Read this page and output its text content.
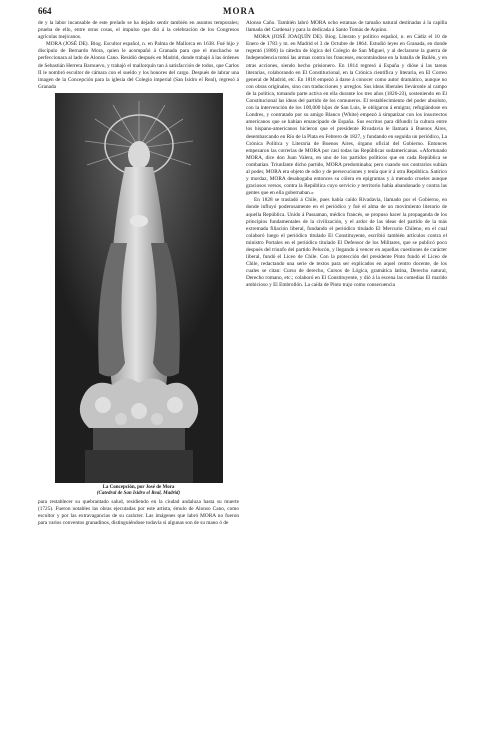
664	MORA

de y la labor incansable de este prelado se ha dejado sentir también en asuntos temporales; prueba de ello, entre otras cosas, el impulso que dió á la celebración de los Congresos agrícolas mejicanos.

MORA (JOSÉ DE). Biog. Escultor español, n. en Palma de Mallorca en 1638. Fué hijo y discípulo de Bernardo Mora, quien le acompañó á Granada para que el muchacho se perfeccionara al lado de Alonso Cano. Residió después en Madrid, donde trabajó á las órdenes de Sebastián Herrera Barnuevo, y trabajó el mallorquín tan á satisfacción de todos, que Carlos II le nombró escultor de cámara con el sueldo y los honores del cargo. Después de labrar una imagen de la Concepción para la iglesia del Colegio imperial (San Isidro el Real), regresó á Granada

La Concepción, por José de Mora
(Catedral de San Isidro el Real, Madrid)

para restablecer su quebrantado salud, residiendo en la ciudad andaluza hasta su muerte (1725). Fueron notables las obras ejecutadas por este artista, émulo de Alonso Cano, como escultor y por las extravagancias de su carácter. Las imágenes que labró MORA no fueron para varios conventos granadinos, distinguiéndose todavía si algunas son de su mano ó de

Alonso Caño. También labró MORA ocho estatuas de tamaño natural destinadas á la capilla llamada del Cardenal y para la dedicada á Santo Tomás de Aquino.

MORA (JOSÉ JOAQUÍN DE). Biog. Literato y político español, n. en Cádiz el 10 de Enero de 1783 y m. en Madrid el 3 de Octubre de 1864. Estudió leyes en Granada, en donde regentó (1806) la cátedra de lógica del Colegio de San Miguel, y al declararse la guerra de Independencia tomó las armas contra los franceses, encontrándose en la batalla de Bailén, y en otras acciones, siendo hecho prisionero. En 1814 regresó á España y dióse á las tareas literarias, colaborando en El Constitucional, en la Crónica científica y literaria, en El Correo general de Madrid, etc. En 1818 empezó á darse á conocer como autor dramático, aunque no con obras originales, sino con traducciones y arreglos. Sus ideas liberales lleváronle al campo de la política, tomando parte activa en ella durante los tres años (1820-23), sosteniendo en El Constitucional las ideas del partido de los comuneros. El restablecimiento del poder absoluto, con la intervención de los 100,000 hijos de San Luis, le obligaron á emigrar, refugiándose en Londres, y contratado por su amigo Blanco (White) empezó á simpatizar con los insurrectos americanos que se habían emancipado de España. Sus escritos para difundir la cultura entre los hispano-americanos hicieron que el presidente Rivadavia le llamara á Buenos Aires, desembarcando en Río de la Plata en Febrero de 1827, y fundando en seguida un periódico, La Crónica Política y Literaria de Buenos Aires, órgano oficial del Gobierno. Entonces empezaron las correrías de MORA por casi todas las Repúblicas sudamericanas. «Afortunado MORA, dice don Juan Valera, en uno de los partidos políticos que en cada República se combatían. Triunfante dicho partido, MORA predominaba; pero cuando sus contrarios subían al poder, MORA era objeto de odio y de persecuciones y tenía que ir á otra República. Satírico y mordaz, MORA desahogaba entonces su cólera en epigramas y á menudo crueles aunque graciosos versos, contra la República cuyo servicio y territorio había abandonado y contra las gentes que en ella gobernaban.»

En 1828 se trasladó á Chile, pues había caído Rivadavia, llamado por el Gobierno, en donde influyó poderosamente en el periódico y fué el alma de un movimiento literario de aquella República. Unido á Passaman, médico francés, se propuso hacer la propaganda de los principios fundamentales de la civilización, y el ardor de las ideas del partido de la más extremada filiación liberal, fundando el periódico titulado El Mercurio Chileno, en el cual colaboró luego el periódico titulado El Constituyente, escribió también artículos contra el ministro Portales en el periódico titulado El Defensor de los Militares, que se publicó poco después del triunfo del partido Pelucón, y llegando á vencer en aquellas cuestiones de carácter liberal, fundó el Liceo de Chile. Con la protección del presidente Pinto fundó el Liceo de Chile, redactando una serie de textos para ser explicados en aquel centro docente, de los cuales se citan: Curso de derecho, Cursos de Lógica, gramática latina, Derecho natural, Derecho romano, etc.; colaboró en El Constituyente, y dió á la escena las comedias El marido ambicioso y El Embrollón. La caída de Pinto trajo como consecuencia
